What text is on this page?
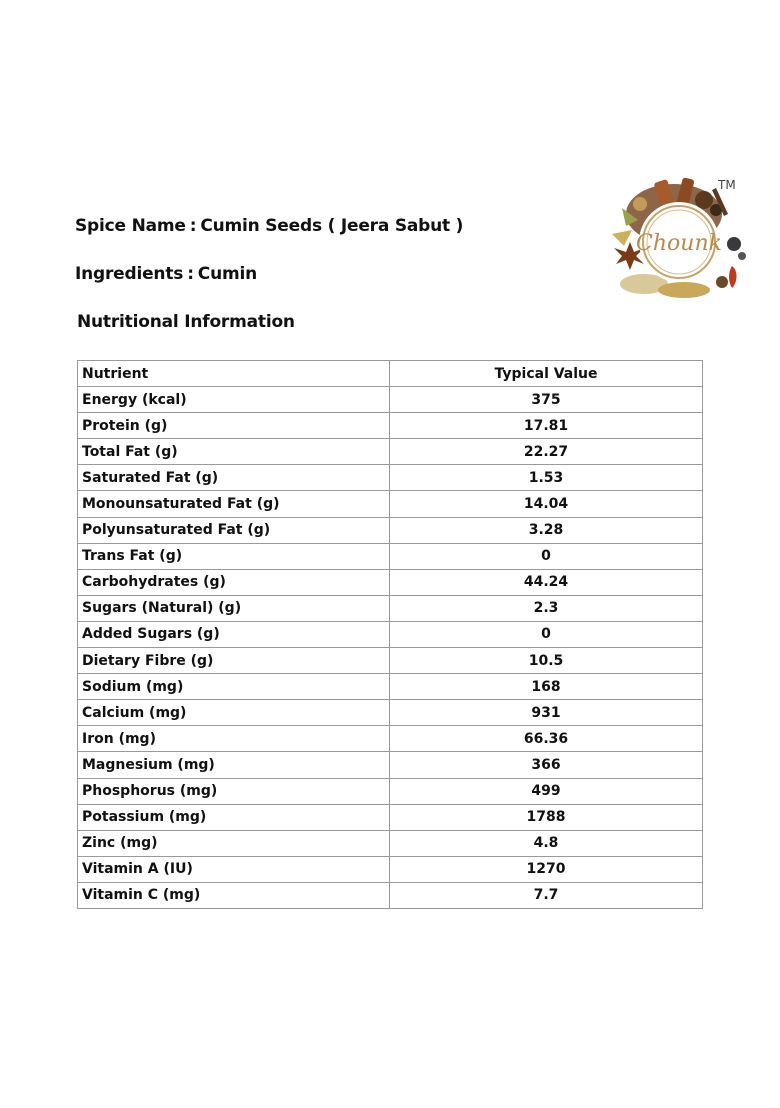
Spice Name : Cumin Seeds ( Jeera Sabut )
Ingredients : Cumin
Nutritional Information
Chounk
TM
Nutrient	Typical Value
Energy (kcal)	375
Protein (g)	17.81
Total Fat (g)	22.27
Saturated Fat (g)	1.53
Monounsaturated Fat (g)	14.04
Polyunsaturated Fat (g)	3.28
Trans Fat (g)	0
Carbohydrates (g)	44.24
Sugars (Natural) (g)	2.3
Added Sugars (g)	0
Dietary Fibre (g)	10.5
Sodium (mg)	168
Calcium (mg)	931
Iron (mg)	66.36
Magnesium (mg)	366
Phosphorus (mg)	499
Potassium (mg)	1788
Zinc (mg)	4.8
Vitamin A (IU)	1270
Vitamin C (mg)	7.7
